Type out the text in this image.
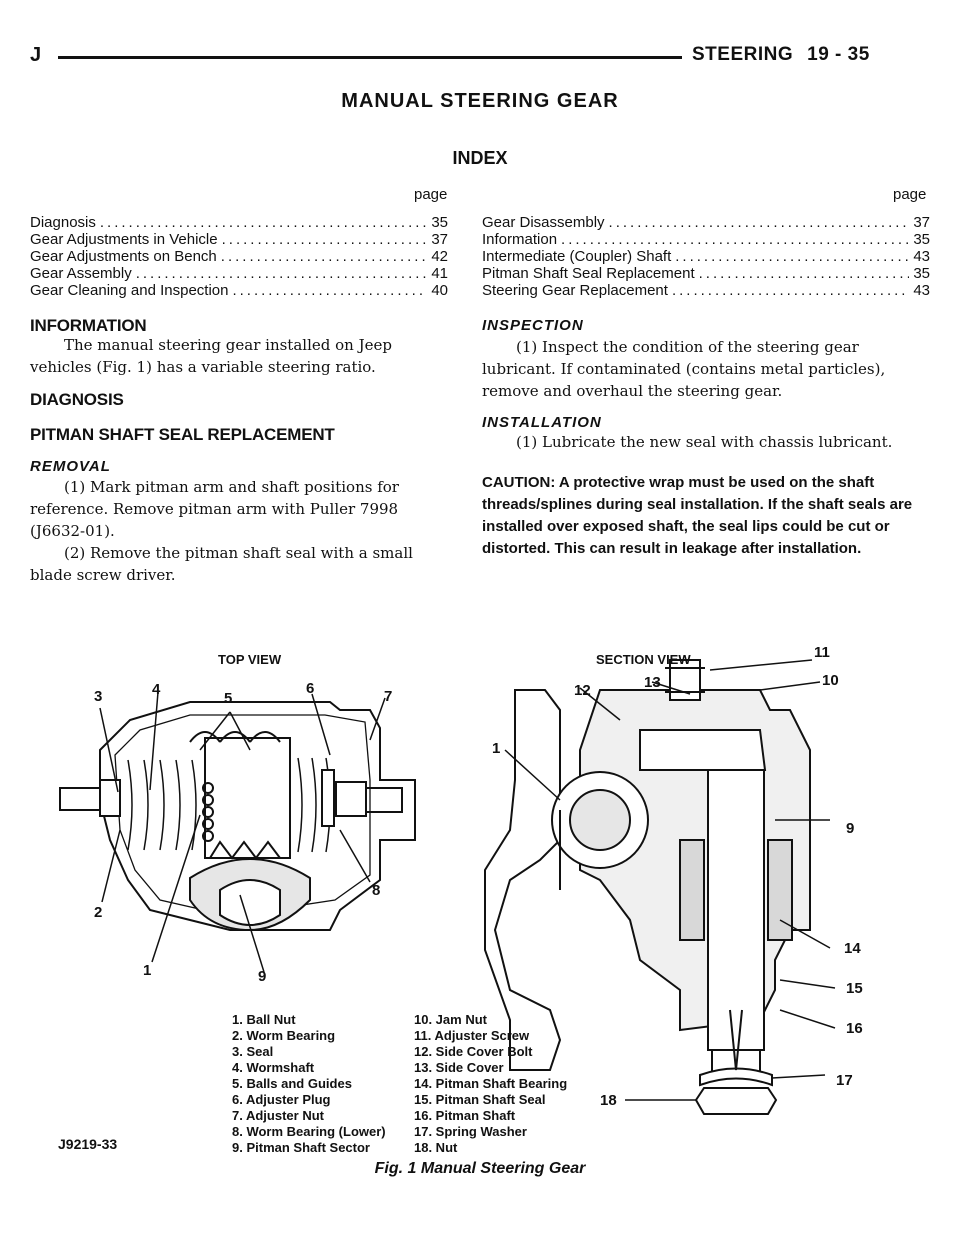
J	STEERING 19 - 35
MANUAL STEERING GEAR
INDEX
page	page
Diagnosis .....	35
Gear Adjustments in Vehicle .....	37
Gear Adjustments on Bench .....	42
Gear Assembly .....	41
Gear Cleaning and Inspection .....	40
Gear Disassembly .....	37
Information .....	35
Intermediate (Coupler) Shaft .....	43
Pitman Shaft Seal Replacement .....	35
Steering Gear Replacement .....	43
INFORMATION
The manual steering gear installed on Jeep vehicles (Fig. 1) has a variable steering ratio.
DIAGNOSIS
PITMAN SHAFT SEAL REPLACEMENT
REMOVAL
(1) Mark pitman arm and shaft positions for reference. Remove pitman arm with Puller 7998 (J6632-01).
(2) Remove the pitman shaft seal with a small blade screw driver.
INSPECTION
(1) Inspect the condition of the steering gear lubricant. If contaminated (contains metal particles), remove and overhaul the steering gear.
INSTALLATION
(1) Lubricate the new seal with chassis lubricant.
CAUTION: A protective wrap must be used on the shaft threads/splines during seal installation. If the shaft seals are installed over exposed shaft, the seal lips could be cut or distorted. This can result in leakage after installation.
TOP VIEW	SECTION VIEW
3	4
5
6	7
2
8
1	9
11
10
12	13
1
9
14
15
16
17
18
1. Ball Nut
2. Worm Bearing
3. Seal
4. Wormshaft
5. Balls and Guides
6. Adjuster Plug
7. Adjuster Nut
8. Worm Bearing (Lower)
9. Pitman Shaft Sector
10. Jam Nut
11. Adjuster Screw
12. Side Cover Bolt
13. Side Cover
14. Pitman Shaft Bearing
15. Pitman Shaft Seal
16. Pitman Shaft
17. Spring Washer
18. Nut
J9219-33
Fig. 1 Manual Steering Gear
